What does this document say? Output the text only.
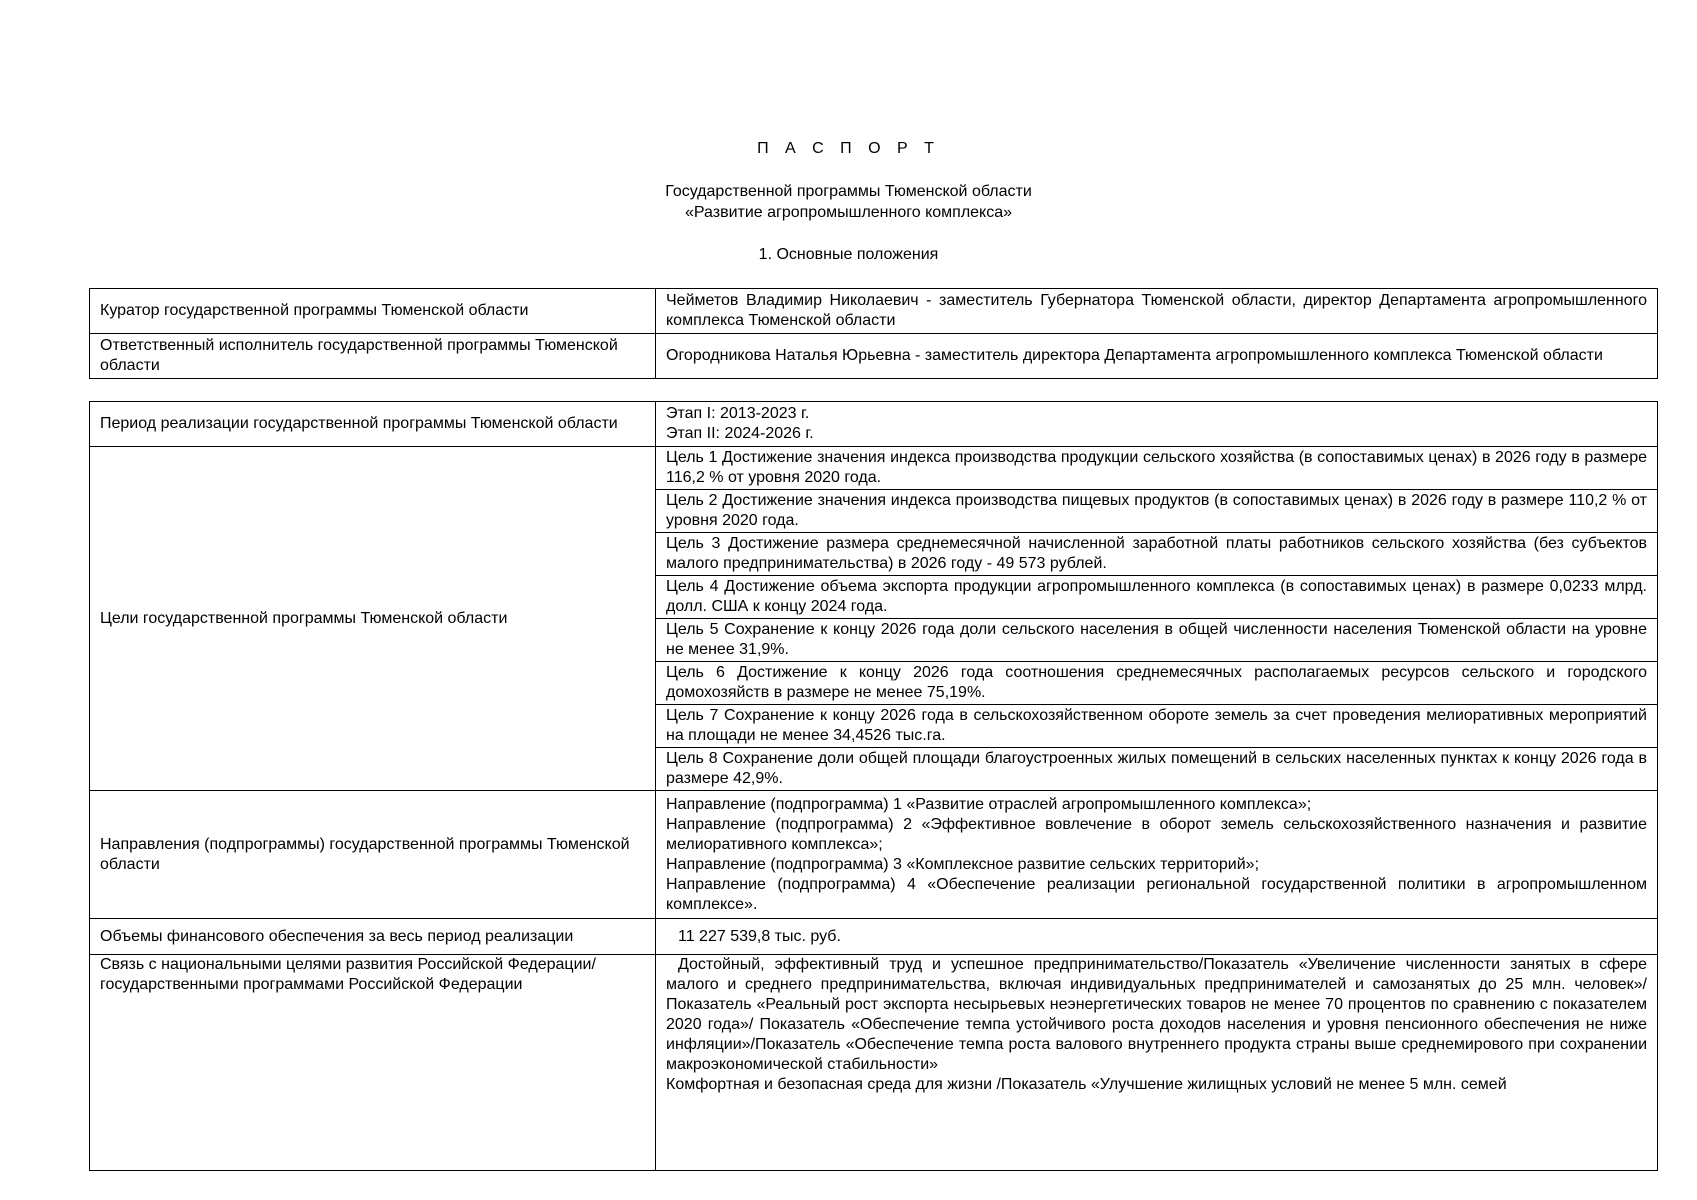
П А С П О Р Т
Государственной программы Тюменской области
«Развитие агропромышленного комплекса»
1. Основные положения
Куратор государственной программы Тюменской области	Чейметов Владимир Николаевич - заместитель Губернатора Тюменской области, директор Департамента агропромышленного комплекса Тюменской области
Ответственный исполнитель государственной программы Тюменской области	Огородникова Наталья Юрьевна - заместитель директора Департамента агропромышленного комплекса Тюменской области
Период реализации государственной программы Тюменской области	Этап I: 2013-2023 г.
Этап II: 2024-2026 г.

Цели государственной программы Тюменской области	Цель 1 Достижение значения индекса производства продукции сельского хозяйства (в сопоставимых ценах) в 2026 году в размере 116,2 % от уровня 2020 года.
	Цель 2 Достижение значения индекса производства пищевых продуктов (в сопоставимых ценах) в 2026 году в размере 110,2 % от уровня 2020 года.
	Цель 3 Достижение размера среднемесячной начисленной заработной платы работников сельского хозяйства (без субъектов малого предпринимательства) в 2026 году - 49 573 рублей.
	Цель 4 Достижение объема экспорта продукции агропромышленного комплекса (в сопоставимых ценах) в размере 0,0233 млрд. долл. США к концу 2024 года.
	Цель 5 Сохранение к концу 2026 года доли сельского населения в общей численности населения Тюменской области на уровне не менее 31,9%.
	Цель 6 Достижение к концу 2026 года соотношения среднемесячных располагаемых ресурсов сельского и городского домохозяйств в размере не менее 75,19%.
	Цель 7 Сохранение к концу 2026 года в сельскохозяйственном обороте земель за счет проведения мелиоративных мероприятий на площади не менее 34,4526 тыс.га.
	Цель 8 Сохранение доли общей площади благоустроенных жилых помещений в сельских населенных пунктах к концу 2026 года в размере 42,9%.
Направления (подпрограммы) государственной программы Тюменской области	Направление (подпрограмма) 1 «Развитие отраслей агропромышленного комплекса»;
Направление (подпрограмма) 2 «Эффективное вовлечение в оборот земель сельскохозяйственного назначения и развитие мелиоративного комплекса»;
Направление (подпрограмма) 3 «Комплексное развитие сельских территорий»;
Направление (подпрограмма) 4 «Обеспечение реализации региональной государственной политики в агропромышленном комплексе».

Объемы финансового обеспечения за весь период реализации	11 227 539,8 тыс. руб.
Связь с национальными целями развития Российской Федерации/ государственными программами Российской Федерации	Достойный, эффективный труд и успешное предпринимательство/Показатель «Увеличение численности занятых в сфере малого и среднего предпринимательства, включая индивидуальных предпринимателей и самозанятых до 25 млн. человек»/Показатель «Реальный рост экспорта несырьевых неэнергетических товаров не менее 70 процентов по сравнению с показателем 2020 года»/ Показатель «Обеспечение темпа устойчивого роста доходов населения и уровня пенсионного обеспечения не ниже инфляции»/Показатель «Обеспечение темпа роста валового внутреннего продукта страны выше среднемирового при сохранении макроэкономической стабильности»
Комфортная и безопасная среда для жизни /Показатель «Улучшение жилищных условий не менее 5 млн. семей
